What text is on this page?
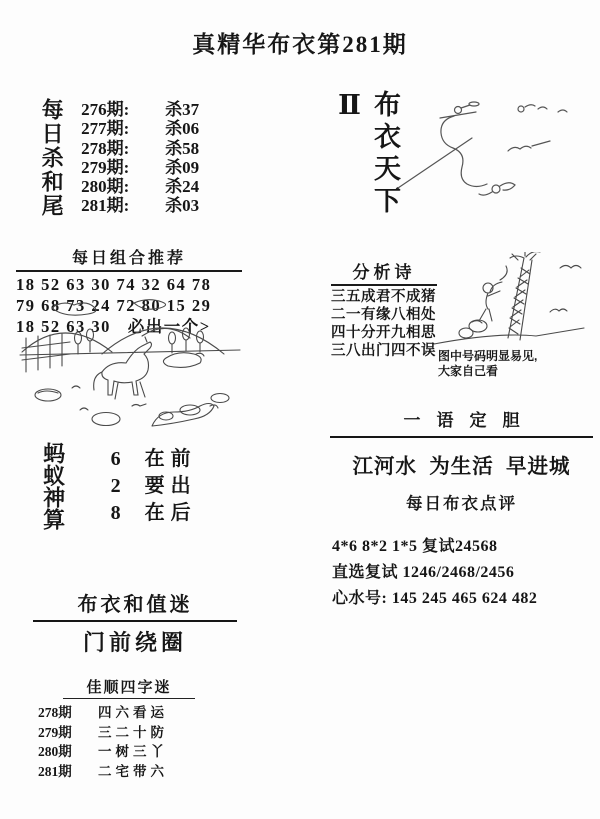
真精华布衣第281期
每日杀和尾 276期:	杀37
277期:	杀06
278期:	杀58
279期:	杀09
280期:	杀24
281期:	杀03
每日组合推荐
18 52 63 30 74 32 64 78
79 68 73 24 72 80 15 29
18 52 63 30   必出一个>
蚂蚁神算	6	在前
2	要出
8	在后
布衣和值迷
门前绕圈
佳顺四字迷
278期	四六看运
279期	三二十防
280期	一树三丫
281期	二宅带六
布衣天下Ⅱ
分析诗
三五成君不成猪
二一有缘八相处
四十分开九相思
三八出门四不误 图中号码明显易见,
大家自己看
一语定胆
江河水  为生活  早进城
每日布衣点评
4*6 8*2 1*5 复试24568
直选复试 1246/2468/2456
心水号: 145 245 465 624 482
